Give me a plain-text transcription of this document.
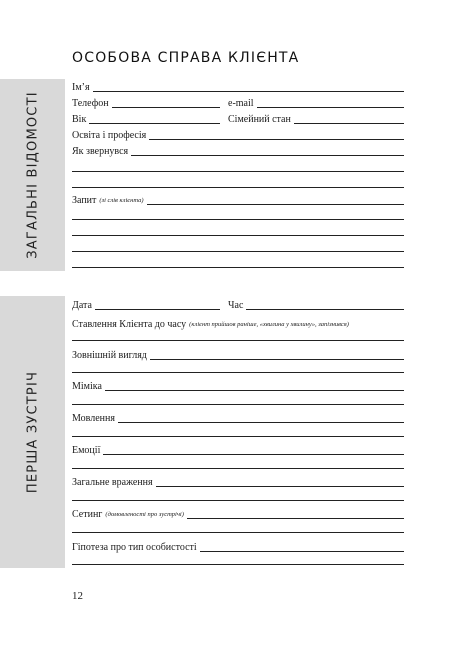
ОСОБОВА СПРАВА КЛІЄНТА
ЗАГАЛЬНІ ВІДОМОСТІ
ПЕРША ЗУСТРІЧ
Ім’я
Телефон	e-mail
Вік	Сімейний стан
Освіта і професія
Як звернувся
Запит (зі слів клієнта)
Дата	Час
Ставлення Клієнта до часу (клієнт прийшов раніше, «хвилина у хвилину», запізнився)
Зовнішній вигляд
Міміка
Мовлення
Емоції
Загальне враження
Сетинг (домовленості про зустрічі)
Гіпотеза про тип особистості
12
